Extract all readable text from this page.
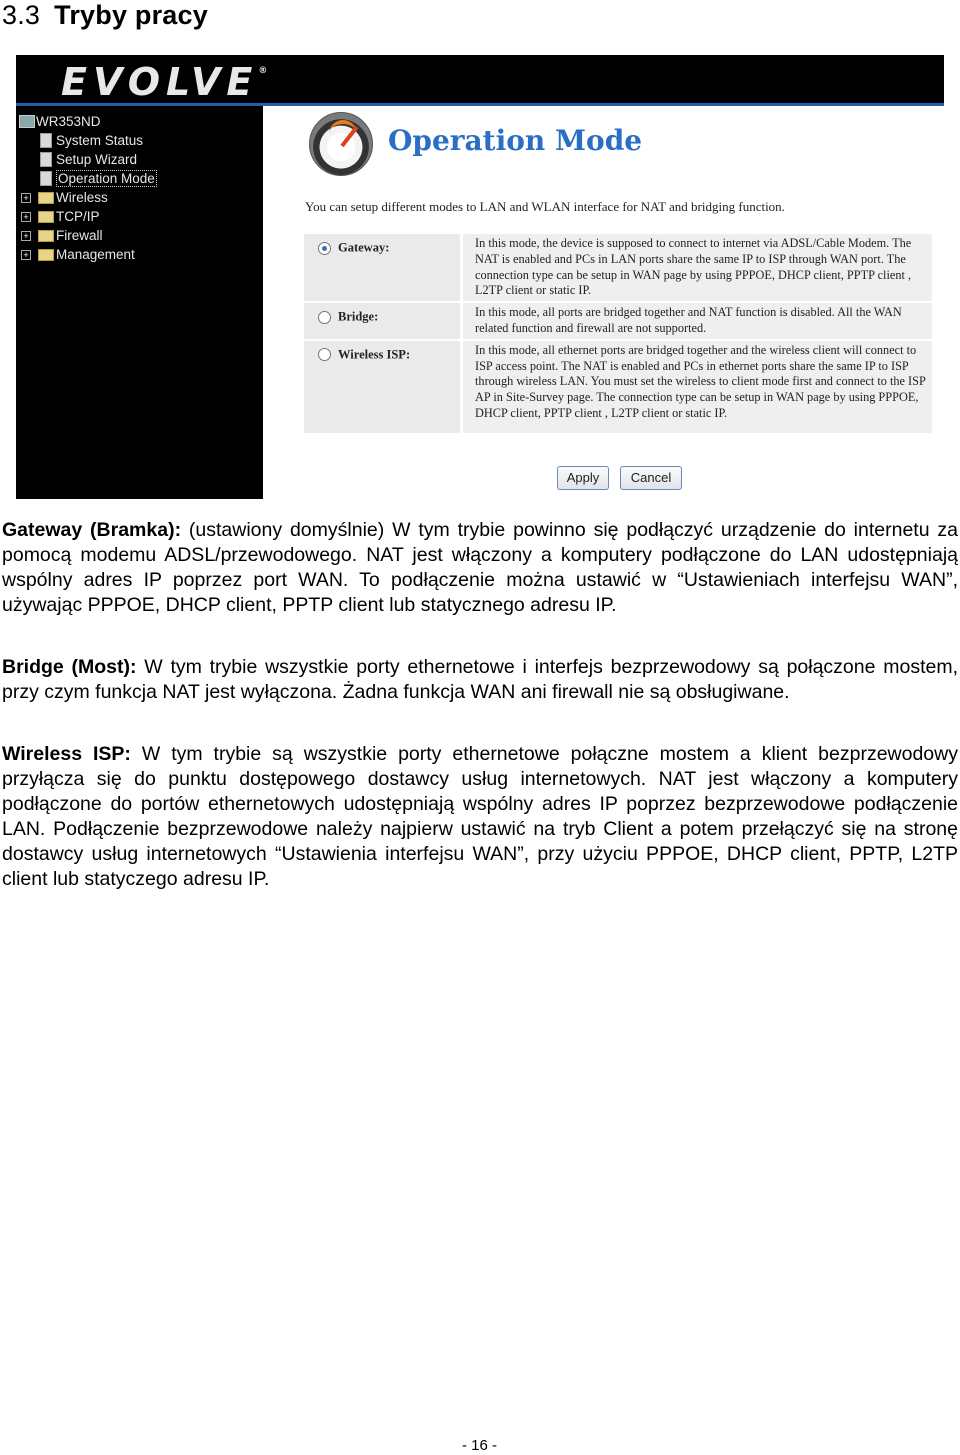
3.3 Tryby pracy
EVOLVE®
WR353ND
System Status
Setup Wizard
Operation Mode
+ Wireless
+ TCP/IP
+ Firewall
+ Management
Operation Mode
You can setup different modes to LAN and WLAN interface for NAT and bridging function.
Gateway:	In this mode, the device is supposed to connect to internet via ADSL/Cable Modem. The NAT is enabled and PCs in LAN ports share the same IP to ISP through WAN port. The connection type can be setup in WAN page by using PPPOE, DHCP client, PPTP client , L2TP client or static IP.
Bridge:	In this mode, all ports are bridged together and NAT function is disabled. All the WAN related function and firewall are not supported.
Wireless ISP:	In this mode, all ethernet ports are bridged together and the wireless client will connect to ISP access point. The NAT is enabled and PCs in ethernet ports share the same IP to ISP through wireless LAN. You must set the wireless to client mode first and connect to the ISP AP in Site-Survey page. The connection type can be setup in WAN page by using PPPOE, DHCP client, PPTP client , L2TP client or static IP.
Apply	Cancel
Gateway (Bramka): (ustawiony domyślnie) W tym trybie powinno się podłączyć urządzenie do internetu za pomocą modemu ADSL/przewodowego. NAT jest włączony a komputery podłączone do LAN udostępniają wspólny adres IP poprzez port WAN. To podłączenie można ustawić w “Ustawieniach interfejsu WAN”, używając PPPOE, DHCP client, PPTP client lub statycznego adresu IP.
Bridge (Most): W tym trybie wszystkie porty ethernetowe i interfejs bezprzewodowy są połączone mostem, przy czym funkcja NAT jest wyłączona. Żadna funkcja WAN ani firewall nie są obsługiwane.
Wireless ISP: W tym trybie są wszystkie porty ethernetowe połączne mostem a klient bezprzewodowy przyłącza się do punktu dostępowego dostawcy usług internetowych. NAT jest włączony a komputery podłączone do portów ethernetowych udostępniają wspólny adres IP poprzez bezprzewodowe podłączenie LAN. Podłączenie bezprzewodowe należy najpierw ustawić na tryb Client a potem przełączyć się na stronę dostawcy usług internetowych “Ustawienia interfejsu WAN”, przy użyciu PPPOE, DHCP client, PPTP, L2TP client lub statyczego adresu IP.
- 16 -
